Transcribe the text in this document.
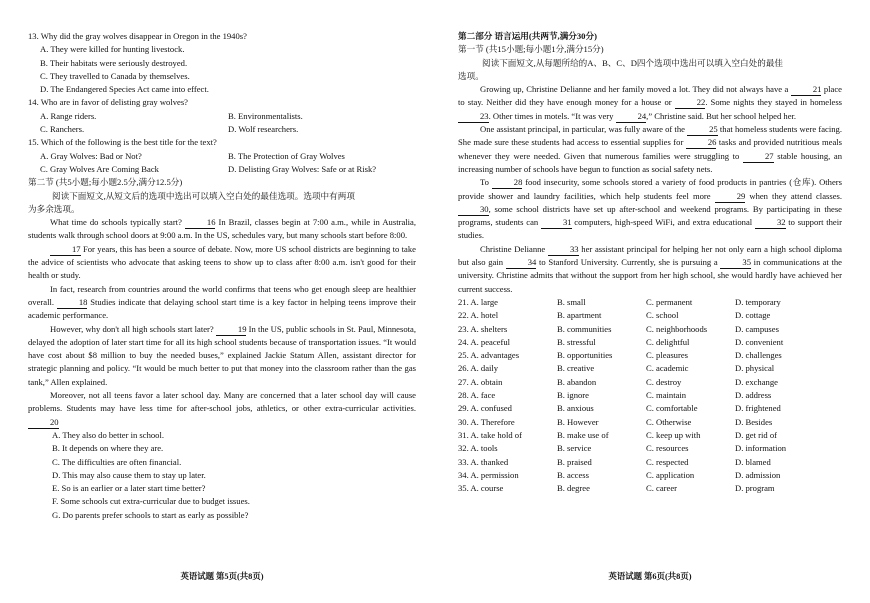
13. Why did the gray wolves disappear in Oregon in the 1940s?
A. They were killed for hunting livestock.
B. Their habitats were seriously destroyed.
C. They travelled to Canada by themselves.
D. The Endangered Species Act came into effect.
14. Who are in favor of delisting gray wolves?
A. Range riders.	B. Environmentalists.
C. Ranchers.	D. Wolf researchers.
15. Which of the following is the best title for the text?
A. Gray Wolves: Bad or Not?	B. The Protection of Gray Wolves
C. Gray Wolves Are Coming Back	D. Delisting Gray Wolves: Safe or at Risk?
第二节 (共5小题;每小题2.5分,满分12.5分)
阅读下面短文,从短文后的选项中选出可以填入空白处的最佳选项。选项中有两项
为多余选项。

What time do schools typically start?	16 In Brazil, classes begin at 7:00 a.m., while in Australia, students walk through school doors at 9:00 a.m. In the US, schedules vary, but many schools start before 8:00.

17 For years, this has been a source of debate. Now, more US school districts are beginning to take the advice of scientists who advocate that asking teens to show up to class after 8:00 a.m. isn't good for their health or study.

In fact, research from countries around the world confirms that teens who get enough sleep are healthier overall.	18 Studies indicate that delaying school start time is a key factor in helping teens improve their academic performance.

However, why don't all high schools start later?	19 In the US, public schools in St. Paul, Minnesota, delayed the adoption of later start time for all its high school students because of transportation issues. “It would have cost about $8 million to buy the needed buses,” explained Jackie Statum Allen, assistant director for strategic planning and policy. “It would be much better to put that money into the classroom rather than the gas tank,” Allen explained.

Moreover, not all teens favor a later school day. Many are concerned that a later school day will cause problems. Students may have less time for after-school jobs, athletics, or other extra-curricular activities. 20

A. They also do better in school.
B. It depends on where they are.
C. The difficulties are often financial.
D. This may also cause them to stay up later.
E. So is an earlier or a later start time better?
F. Some schools cut extra-curricular due to budget issues.
G. Do parents prefer schools to start as early as possible?
英语试题 第5页(共8页)
第二部分 语言运用(共两节,满分30分)
第一节 (共15小题;每小题1分,满分15分)
阅读下面短文,从每题所给的A、B、C、D四个选项中选出可以填入空白处的最佳
选项。

Growing up, Christine Delianne and her family moved a lot. They did not always have a	21 place to stay. Neither did they have enough money for a house or	22. Some nights they stayed in homeless 23. Other times in motels. “It was very	24,” Christine said. But her school helped her.

One assistant principal, in particular, was fully aware of the	25 that homeless students were facing. She made sure these students had access to essential supplies for	26 tasks and provided nutritious meals whenever they were needed. Given that numerous families were struggling to	27 stable housing, an increasing number of schools have begun to function as social safety nets.

To	28 food insecurity, some schools stored a variety of food products in pantries (仓库). Others provide shower and laundry facilities, which help students feel more	29 when they attend classes. 30, some school districts have set up after-school and weekend programs. By participating in these programs, students can	31 computers, high-speed WiFi, and extra educational	32 to support their studies.

Christine Delianne	33 her assistant principal for helping her not only earn a high school diploma but also gain	34 to Stanford University. Currently, she is pursuing a	35 in communications at the university. Christine admits that without the support from her high school, she would hardly have achieved her current success.

21. A. large	B. small	C. permanent	D. temporary
22. A. hotel	B. apartment	C. school	D. cottage
23. A. shelters	B. communities	C. neighborhoods	D. campuses
24. A. peaceful	B. stressful	C. delightful	D. convenient
25. A. advantages	B. opportunities	C. pleasures	D. challenges
26. A. daily	B. creative	C. academic	D. physical
27. A. obtain	B. abandon	C. destroy	D. exchange
28. A. face	B. ignore	C. maintain	D. address
29. A. confused	B. anxious	C. comfortable	D. frightened
30. A. Therefore	B. However	C. Otherwise	D. Besides
31. A. take hold of	B. make use of	C. keep up with	D. get rid of
32. A. tools	B. service	C. resources	D. information
33. A. thanked	B. praised	C. respected	D. blamed
34. A. permission	B. access	C. application	D. admission
35. A. course	B. degree	C. career	D. program
英语试题 第6页(共8页)
